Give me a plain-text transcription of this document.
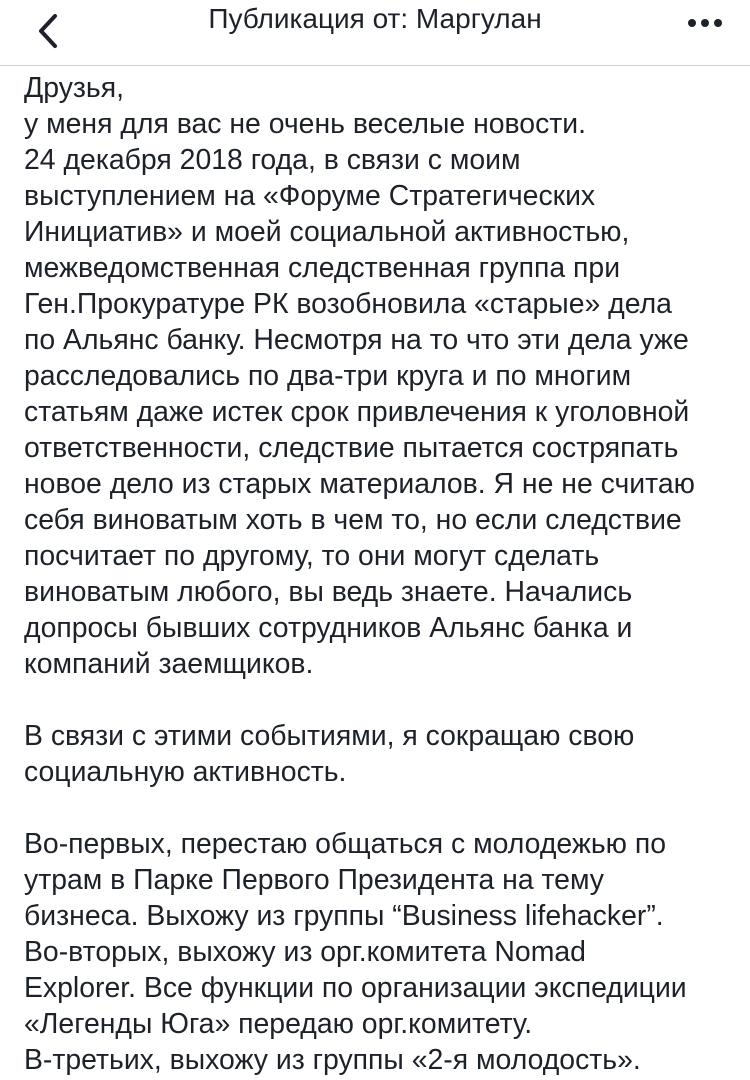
Публикация от: Маргулан

Друзья,
у меня для вас не очень веселые новости.
24 декабря 2018 года, в связи с моим
выступлением на «Форуме Стратегических
Инициатив» и моей социальной активностью,
межведомственная следственная группа при
Ген.Прокуратуре РК возобновила «старые» дела
по Альянс банку. Несмотря на то что эти дела уже
расследовались по два-три круга и по многим
статьям даже истек срок привлечения к уголовной
ответственности, следствие пытается состряпать
новое дело из старых материалов. Я не не считаю
себя виноватым хоть в чем то, но если следствие
посчитает по другому, то они могут сделать
виноватым любого, вы ведь знаете. Начались
допросы бывших сотрудников Альянс банка и
компаний заемщиков.

В связи с этими событиями, я сокращаю свою
социальную активность.

Во-первых, перестаю общаться с молодежью по
утрам в Парке Первого Президента на тему
бизнеса. Выхожу из группы “Business lifehacker”.
Во-вторых, выхожу из орг.комитета Nomad
Explorer. Все функции по организации экспедиции
«Легенды Юга» передаю орг.комитету.
В-третьих, выхожу из группы «2-я молодость».
